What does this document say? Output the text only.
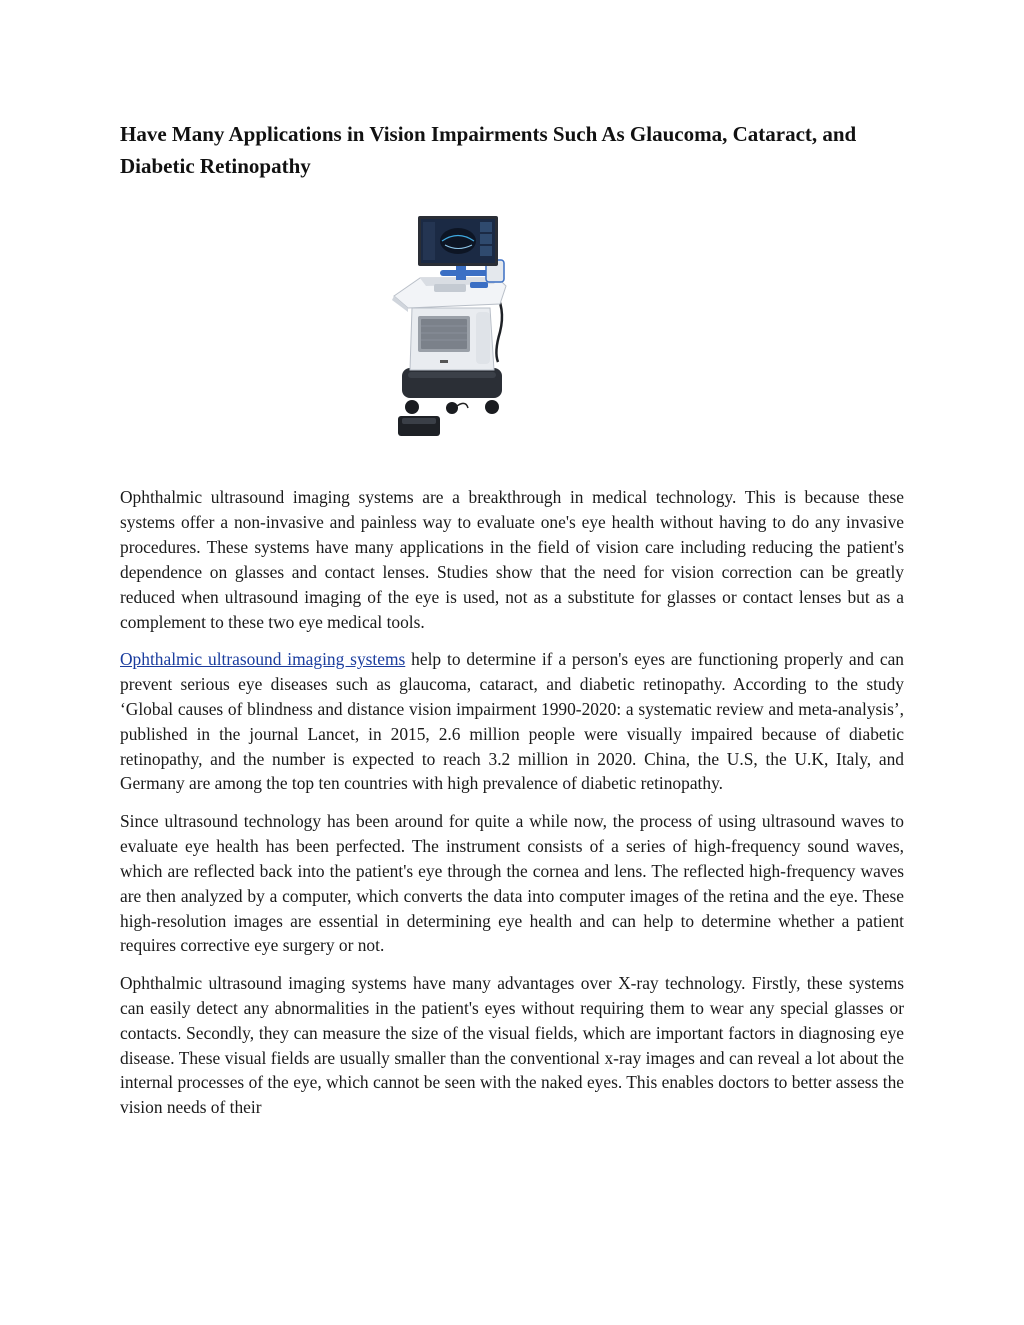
Have Many Applications in Vision Impairments Such As Glaucoma, Cataract, and Diabetic Retinopathy

Ophthalmic ultrasound imaging systems are a breakthrough in medical technology. This is because these systems offer a non-invasive and painless way to evaluate one's eye health without having to do any invasive procedures. These systems have many applications in the field of vision care including reducing the patient's dependence on glasses and contact lenses. Studies show that the need for vision correction can be greatly reduced when ultrasound imaging of the eye is used, not as a substitute for glasses or contact lenses but as a complement to these two eye medical tools.

Ophthalmic ultrasound imaging systems help to determine if a person's eyes are functioning properly and can prevent serious eye diseases such as glaucoma, cataract, and diabetic retinopathy. According to the study ‘Global causes of blindness and distance vision impairment 1990-2020: a systematic review and meta-analysis’, published in the journal Lancet, in 2015, 2.6 million people were visually impaired because of diabetic retinopathy, and the number is expected to reach 3.2 million in 2020. China, the U.S, the U.K, Italy, and Germany are among the top ten countries with high prevalence of diabetic retinopathy.

Since ultrasound technology has been around for quite a while now, the process of using ultrasound waves to evaluate eye health has been perfected. The instrument consists of a series of high-frequency sound waves, which are reflected back into the patient's eye through the cornea and lens. The reflected high-frequency waves are then analyzed by a computer, which converts the data into computer images of the retina and the eye. These high-resolution images are essential in determining eye health and can help to determine whether a patient requires corrective eye surgery or not.

Ophthalmic ultrasound imaging systems have many advantages over X-ray technology. Firstly, these systems can easily detect any abnormalities in the patient's eyes without requiring them to wear any special glasses or contacts. Secondly, they can measure the size of the visual fields, which are important factors in diagnosing eye disease. These visual fields are usually smaller than the conventional x-ray images and can reveal a lot about the internal processes of the eye, which cannot be seen with the naked eyes. This enables doctors to better assess the vision needs of their
